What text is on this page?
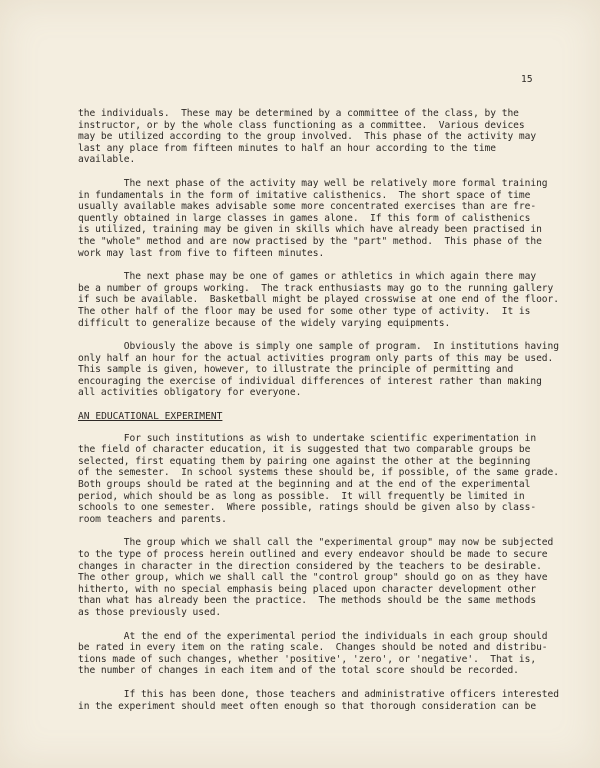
15

the individuals.  These may be determined by a committee of the class, by the
instructor, or by the whole class functioning as a committee.  Various devices
may be utilized according to the group involved.  This phase of the activity may
last any place from fifteen minutes to half an hour according to the time
available.

The next phase of the activity may well be relatively more formal training
in fundamentals in the form of imitative calisthenics.  The short space of time
usually available makes advisable some more concentrated exercises than are fre-
quently obtained in large classes in games alone.  If this form of calisthenics
is utilized, training may be given in skills which have already been practised in
the "whole" method and are now practised by the "part" method.  This phase of the
work may last from five to fifteen minutes.

The next phase may be one of games or athletics in which again there may
be a number of groups working.  The track enthusiasts may go to the running gallery
if such be available.  Basketball might be played crosswise at one end of the floor.
The other half of the floor may be used for some other type of activity.  It is
difficult to generalize because of the widely varying equipments.

Obviously the above is simply one sample of program.  In institutions having
only half an hour for the actual activities program only parts of this may be used.
This sample is given, however, to illustrate the principle of permitting and
encouraging the exercise of individual differences of interest rather than making
all activities obligatory for everyone.

AN EDUCATIONAL EXPERIMENT

For such institutions as wish to undertake scientific experimentation in
the field of character education, it is suggested that two comparable groups be
selected, first equating them by pairing one against the other at the beginning
of the semester.  In school systems these should be, if possible, of the same grade.
Both groups should be rated at the beginning and at the end of the experimental
period, which should be as long as possible.  It will frequently be limited in
schools to one semester.  Where possible, ratings should be given also by class-
room teachers and parents.

The group which we shall call the "experimental group" may now be subjected
to the type of process herein outlined and every endeavor should be made to secure
changes in character in the direction considered by the teachers to be desirable.
The other group, which we shall call the "control group" should go on as they have
hitherto, with no special emphasis being placed upon character development other
than what has already been the practice.  The methods should be the same methods
as those previously used.

At the end of the experimental period the individuals in each group should
be rated in every item on the rating scale.  Changes should be noted and distribu-
tions made of such changes, whether 'positive', 'zero', or 'negative'.  That is,
the number of changes in each item and of the total score should be recorded.

If this has been done, those teachers and administrative officers interested
in the experiment should meet often enough so that thorough consideration can be
